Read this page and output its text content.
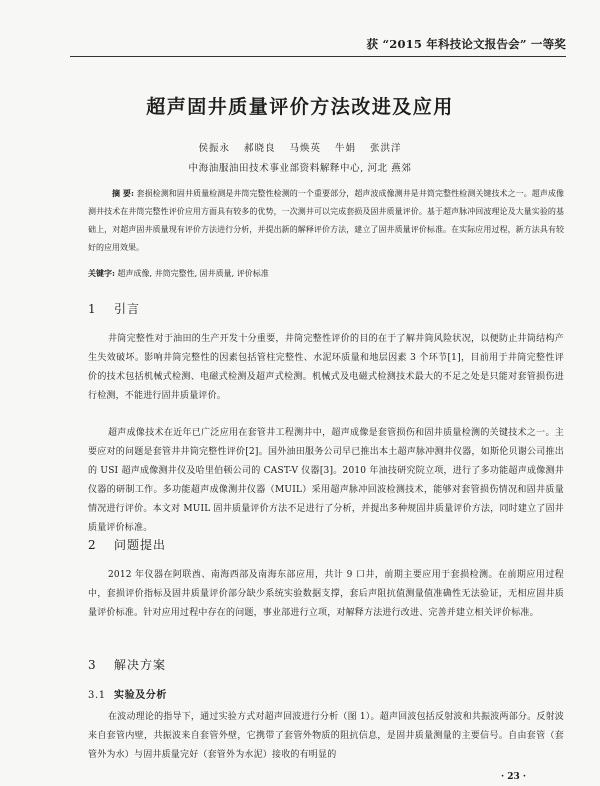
获 “2015 年科技论文报告会” 一等奖
超声固井质量评价方法改进及应用
侯振永 郝晓良 马焕英 牛娟 张洪洋
中海油服油田技术事业部资料解释中心, 河北 燕郊
摘 要: 套损检测和固井质量检测是井筒完整性检测的一个重要部分，超声波成像测井是井筒完整性检测关键技术之一。超声成像测井技术在井筒完整性评价应用方面具有较多的优势，一次测井可以完成套损及固井质量评价。基于超声脉冲回波理论及大量实验的基础上，对超声固井质量现有评价方法进行分析，并提出新的解释评价方法，建立了固井质量评价标准。在实际应用过程，新方法具有较好的应用效果。
关键字: 超声成像, 井筒完整性, 固井质量, 评价标准
1 引言
井筒完整性对于油田的生产开发十分重要，井筒完整性评价的目的在于了解井筒风险状况，以便防止井筒结构产生失效破坏。影响井筒完整性的因素包括管柱完整性、水泥环质量和地层因素 3 个环节[1]，目前用于井筒完整性评价的技术包括机械式检测、电磁式检测及超声式检测。机械式及电磁式检测技术最大的不足之处是只能对套管损伤进行检测，不能进行固井质量评价。
超声成像技术在近年已广泛应用在套管井工程测井中，超声成像是套管损伤和固井质量检测的关键技术之一。主要应对的问题是套管井井筒完整性评价[2]。国外油田服务公司早已推出本土超声脉冲测井仪器，如斯伦贝谢公司推出的 USI 超声成像测井仪及哈里伯顿公司的 CAST-V 仪器[3]。2010 年油技研究院立项，进行了多功能超声成像测井仪器的研制工作。多功能超声成像测井仪器（MUIL）采用超声脉冲回波检测技术，能够对套管损伤情况和固井质量情况进行评价。本文对 MUIL 固井质量评价方法不足进行了分析，并提出多种规固井质量评价方法，同时建立了固井质量评价标准。
2 问题提出
2012 年仪器在阿联酋、南海西部及南海东部应用，共计 9 口井，前期主要应用于套损检测。在前期应用过程中，套损评价指标及固井质量评价部分缺少系统实验数据支撑，套后声阻抗值测量值准确性无法验证，无相应固井质量评价标准。针对应用过程中存在的问题，事业部进行立项，对解释方法进行改进、完善并建立相关评价标准。
3 解决方案
3.1 实验及分析
在波动理论的指导下，通过实验方式对超声回波进行分析（图 1）。超声回波包括反射波和共振波两部分。反射波来自套管内壁，共振波来自套管外壁，它携带了套管外物质的阻抗信息，是固井质量测量的主要信号。自由套管（套管外为水）与固井质量完好（套管外为水泥）接收的有明显的
· 23 ·
